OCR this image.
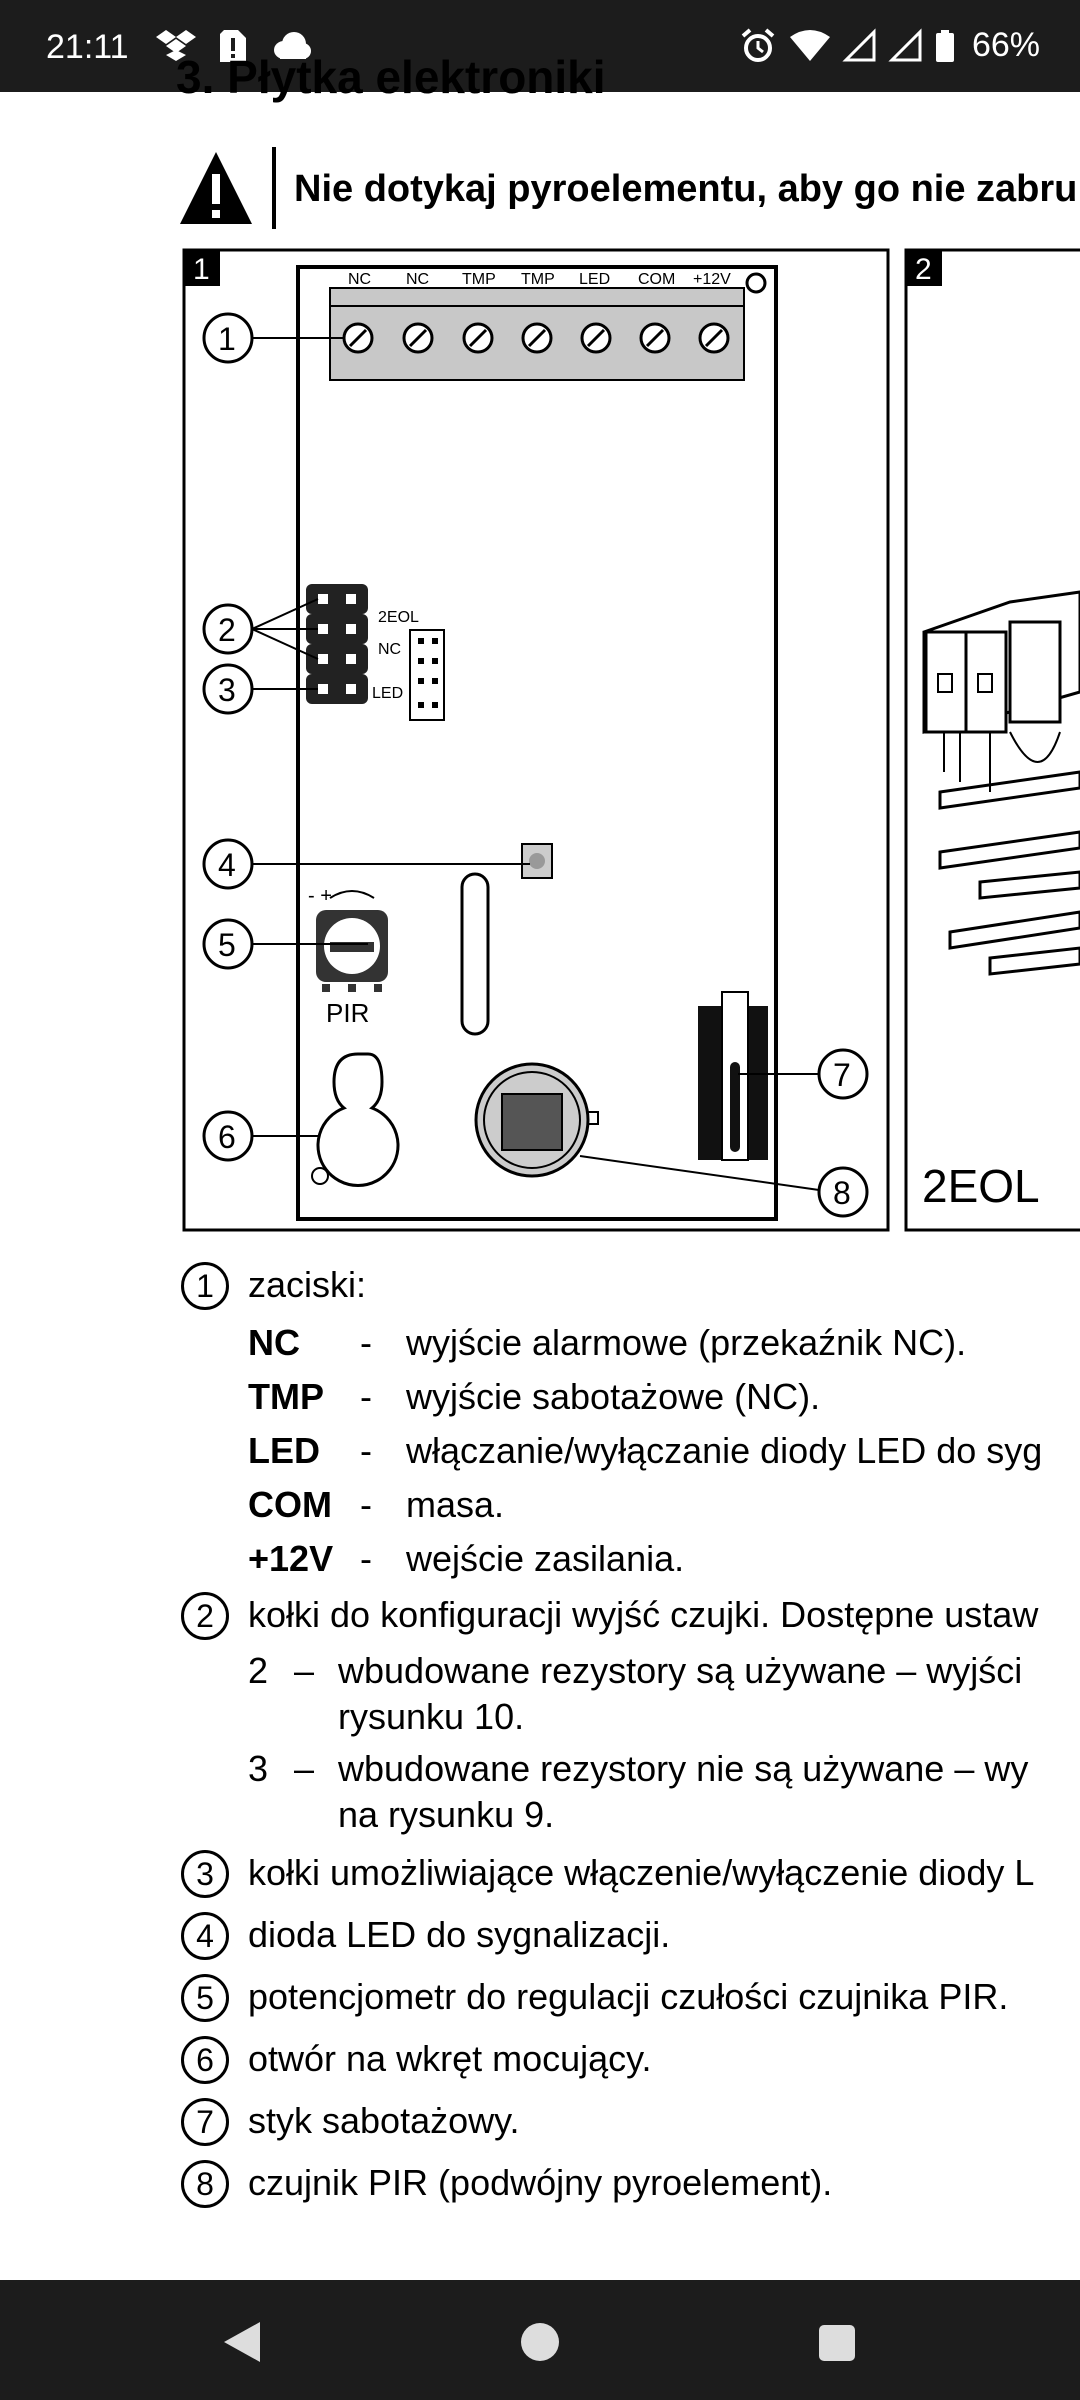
21:11	66%
3. Płytka elektroniki
Nie dotykaj pyroelementu, aby go nie zabru
1	NC NC TMP TMP LED COM +12V
1
2EOL
NC
LED
2
3
4
- +
PIR
5
6
8
7
2
2EOL
1 zaciski:
NC - wyjście alarmowe (przekaźnik NC).
TMP - wyjście sabotażowe (NC).
LED - włączanie/wyłączanie diody LED do syg
COM - masa.
+12V - wejście zasilania.
2 kołki do konfiguracji wyjść czujki. Dostępne ustaw
2 – wbudowane rezystory są używane – wyjści
rysunku 10.
3 – wbudowane rezystory nie są używane – wy
na rysunku 9.
3 kołki umożliwiające włączenie/wyłączenie diody L
4 dioda LED do sygnalizacji.
5 potencjometr do regulacji czułości czujnika PIR.
6 otwór na wkręt mocujący.
7 styk sabotażowy.
8 czujnik PIR (podwójny pyroelement).
